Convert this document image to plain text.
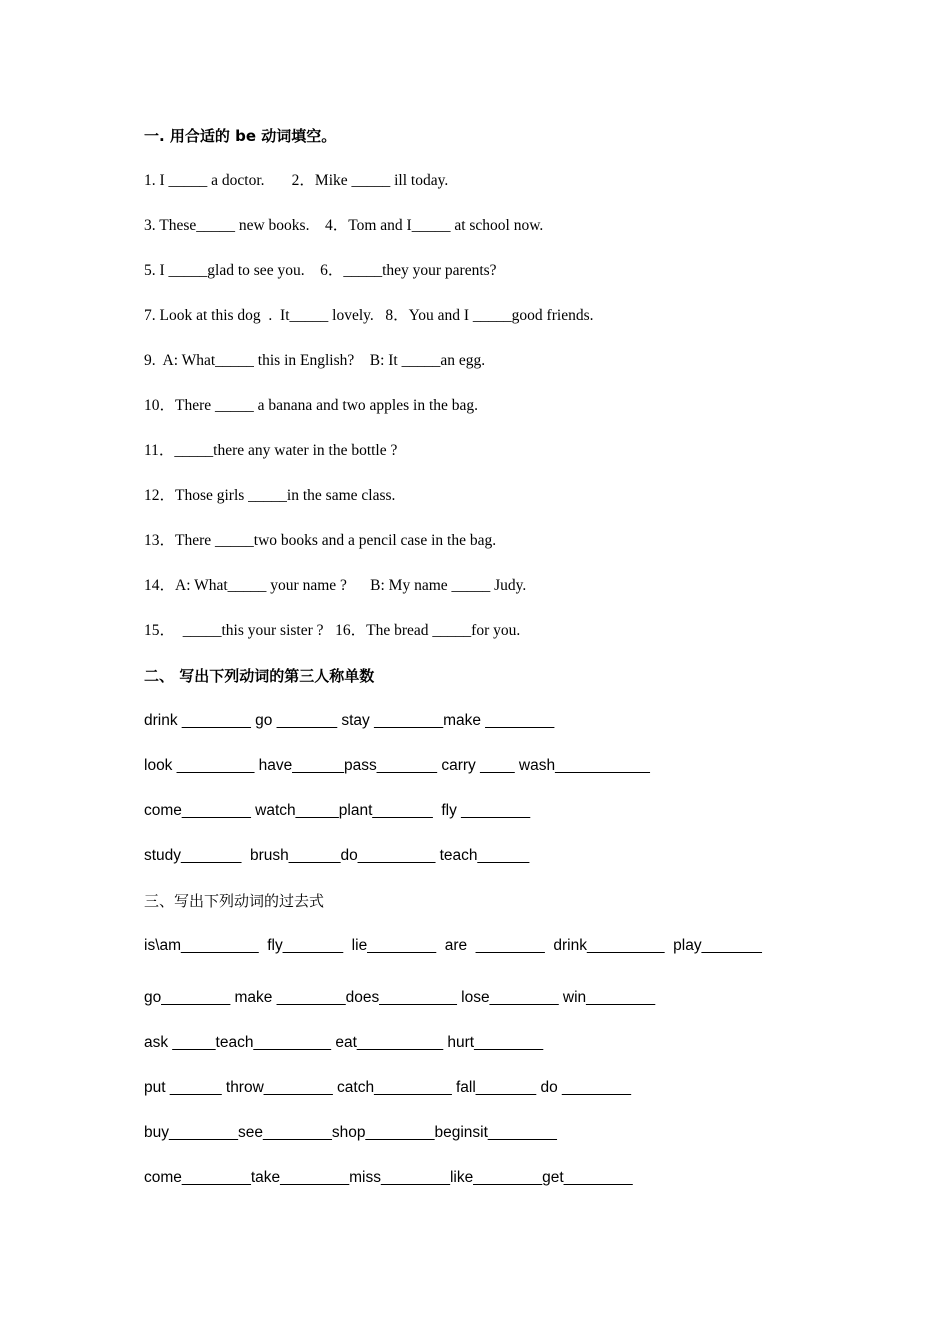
一. 用合适的 be 动词填空。
1. I _____ a doctor.       2．Mike _____ ill today.
3. These_____ new books.    4．Tom and I_____ at school now.
5. I _____glad to see you.    6．_____they your parents?
7. Look at this dog  .  It_____ lovely.   8．You and I _____good friends.
9.  A: What_____ this in English?    B: It _____an egg.
10．There _____ a banana and two apples in the bag.
11．_____there any water in the bottle ?
12．Those girls _____in the same class.
13．There _____two books and a pencil case in the bag.
14．A: What_____ your name ?      B: My name _____ Judy.
15．  _____this your sister ?   16．The bread _____for you.
二、 写出下列动词的第三人称单数
drink ________ go _______ stay ________make ________
look _________ have______pass_______ carry ____ wash___________
come________ watch_____plant_______  fly ________
study_______  brush______do_________ teach______
三、写出下列动词的过去式
is\am_________  fly_______  lie________  are  ________  drink_________  play_______
go________ make ________does_________ lose________ win________
ask _____teach_________ eat__________ hurt________
put ______ throw________ catch_________ fall_______ do ________
buy________see________shop________beginsit________
come________take________miss________like________get________
